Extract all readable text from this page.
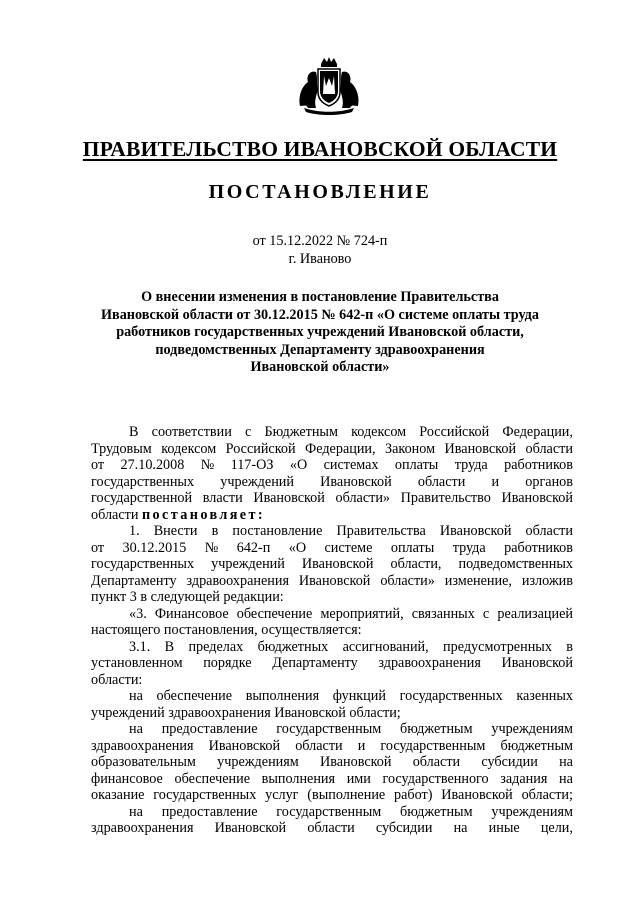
ПРАВИТЕЛЬСТВО ИВАНОВСКОЙ ОБЛАСТИ
ПОСТАНОВЛЕНИЕ
от 15.12.2022 № 724-п
г. Иваново
О внесении изменения в постановление Правительства
Ивановской области от 30.12.2015 № 642-п «О системе оплаты труда
работников государственных учреждений Ивановской области,
подведомственных Департаменту здравоохранения
Ивановской области»
В соответствии с Бюджетным кодексом Российской Федерации,
Трудовым кодексом Российской Федерации, Законом Ивановской области
от 27.10.2008 № 117-ОЗ «О системах оплаты труда работников
государственных учреждений Ивановской области и органов
государственной власти Ивановской области» Правительство Ивановской
области
постановляет:
1. Внести в постановление Правительства Ивановской области
от 30.12.2015 № 642-п «О системе оплаты труда работников
государственных учреждений Ивановской области, подведомственных
Департаменту здравоохранения Ивановской области» изменение, изложив
пункт 3 в следующей редакции:
«3. Финансовое обеспечение мероприятий, связанных с реализацией
настоящего постановления, осуществляется:
3.1. В пределах бюджетных ассигнований, предусмотренных в
установленном порядке Департаменту здравоохранения Ивановской
области:
на обеспечение выполнения функций государственных казенных
учреждений здравоохранения Ивановской области;
на предоставление государственным бюджетным учреждениям
здравоохранения Ивановской области и государственным бюджетным
образовательным учреждениям Ивановской области субсидии на
финансовое обеспечение выполнения ими государственного задания на
оказание государственных услуг (выполнение работ) Ивановской области;
на предоставление государственным бюджетным учреждениям
здравоохранения Ивановской области субсидии на иные цели,
